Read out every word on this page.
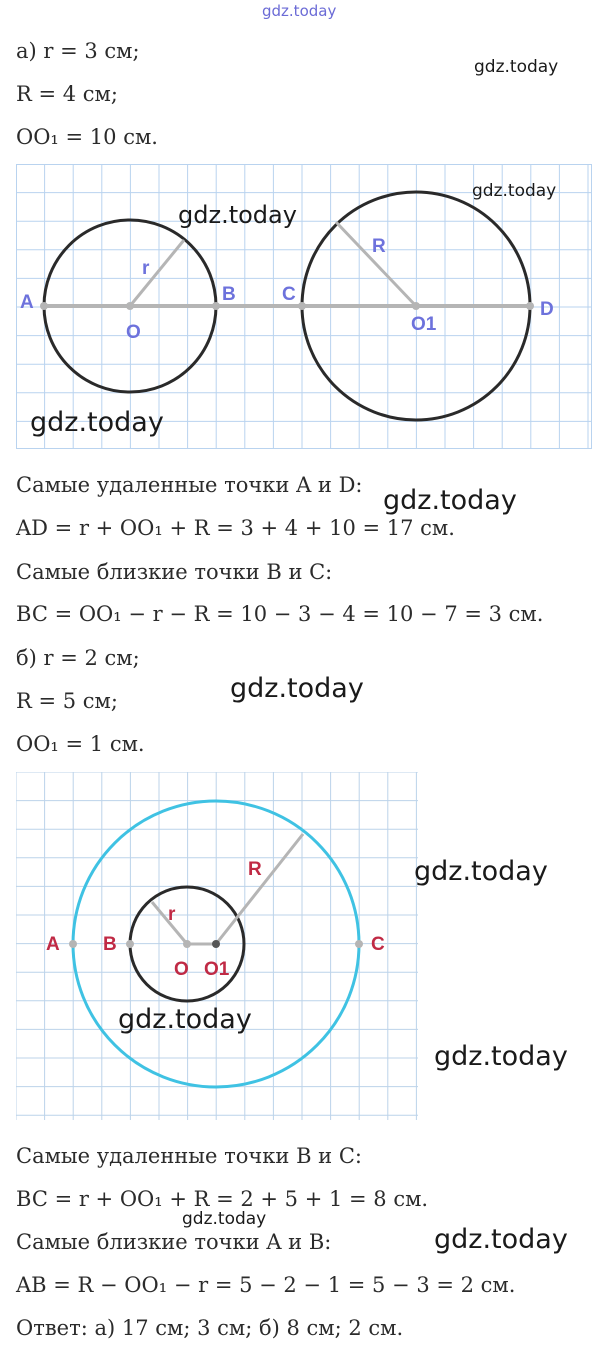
gdz.today
а) r = 3 см;
R = 4 см;
OO₁ = 10 см.
gdz.today
A	B C
D
O	O1
r
R
gdz.today
gdz.today
gdz.today
Самые удаленные точки A и D: gdz.today
AD = r + OO₁ + R = 3 + 4 + 10 = 17 см.
Самые близкие точки B и C:
BC = OO₁ − r − R = 10 − 3 − 4 = 10 − 7 = 3 см.
б) r = 2 см;
R = 5 см;	gdz.today
OO₁ = 1 см.
A B	C
O O1
r
R	gdz.today
gdz.today
gdz.today
Самые удаленные точки B и C:
BC = r + OO₁ + R = 2 + 5 + 1 = 8 см.
gdz.today
Самые близкие точки A и B:	gdz.today
AB = R − OO₁ − r = 5 − 2 − 1 = 5 − 3 = 2 см.
Ответ: а) 17 см; 3 см; б) 8 см; 2 см.
